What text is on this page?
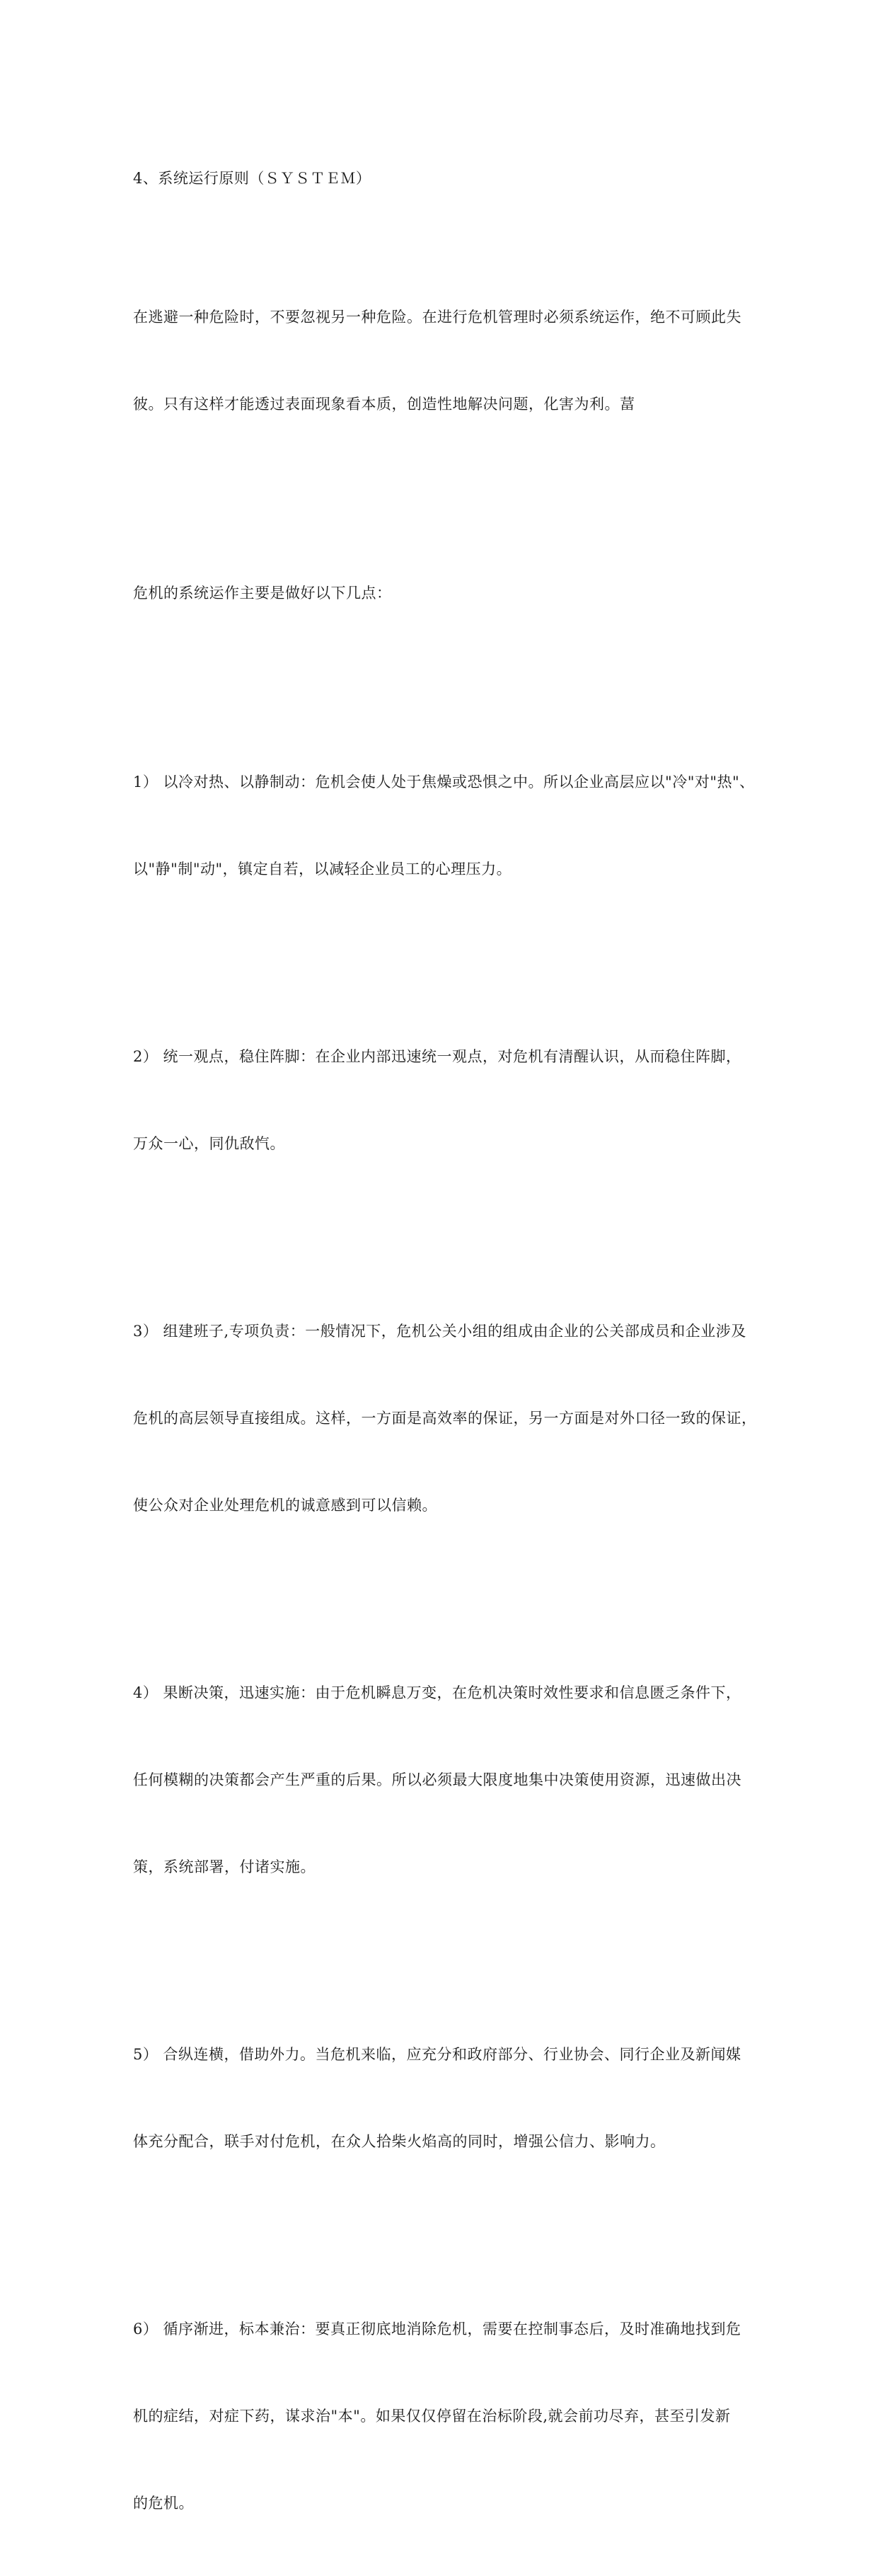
4、系统运行原则（ＳＹＳＴＥＭ）

在逃避一种危险时，不要忽视另一种危险。在进行危机管理时必须系统运作，绝不可顾此失

彼。只有这样才能透过表面现象看本质，创造性地解决问题，化害为利。葍

危机的系统运作主要是做好以下几点：

1） 以冷对热、以静制动：危机会使人处于焦燥或恐惧之中。所以企业高层应以"冷"对"热"、

以"静"制"动"，镇定自若，以减轻企业员工的心理压力。

2） 统一观点，稳住阵脚：在企业内部迅速统一观点，对危机有清醒认识，从而稳住阵脚，

万众一心，同仇敌忾。

3） 组建班子,专项负责：一般情况下，危机公关小组的组成由企业的公关部成员和企业涉及

危机的高层领导直接组成。这样，一方面是高效率的保证，另一方面是对外口径一致的保证，

使公众对企业处理危机的诚意感到可以信赖。

4） 果断决策，迅速实施：由于危机瞬息万变，在危机决策时效性要求和信息匮乏条件下，

任何模糊的决策都会产生严重的后果。所以必须最大限度地集中决策使用资源，迅速做出决

策，系统部署，付诸实施。

5） 合纵连横，借助外力。当危机来临，应充分和政府部分、行业协会、同行企业及新闻媒

体充分配合，联手对付危机，在众人拾柴火焰高的同时，增强公信力、影响力。

6） 循序渐进，标本兼治：要真正彻底地消除危机，需要在控制事态后，及时准确地找到危

机的症结，对症下药，谋求治"本"。如果仅仅停留在治标阶段,就会前功尽弃，甚至引发新

的危机。
